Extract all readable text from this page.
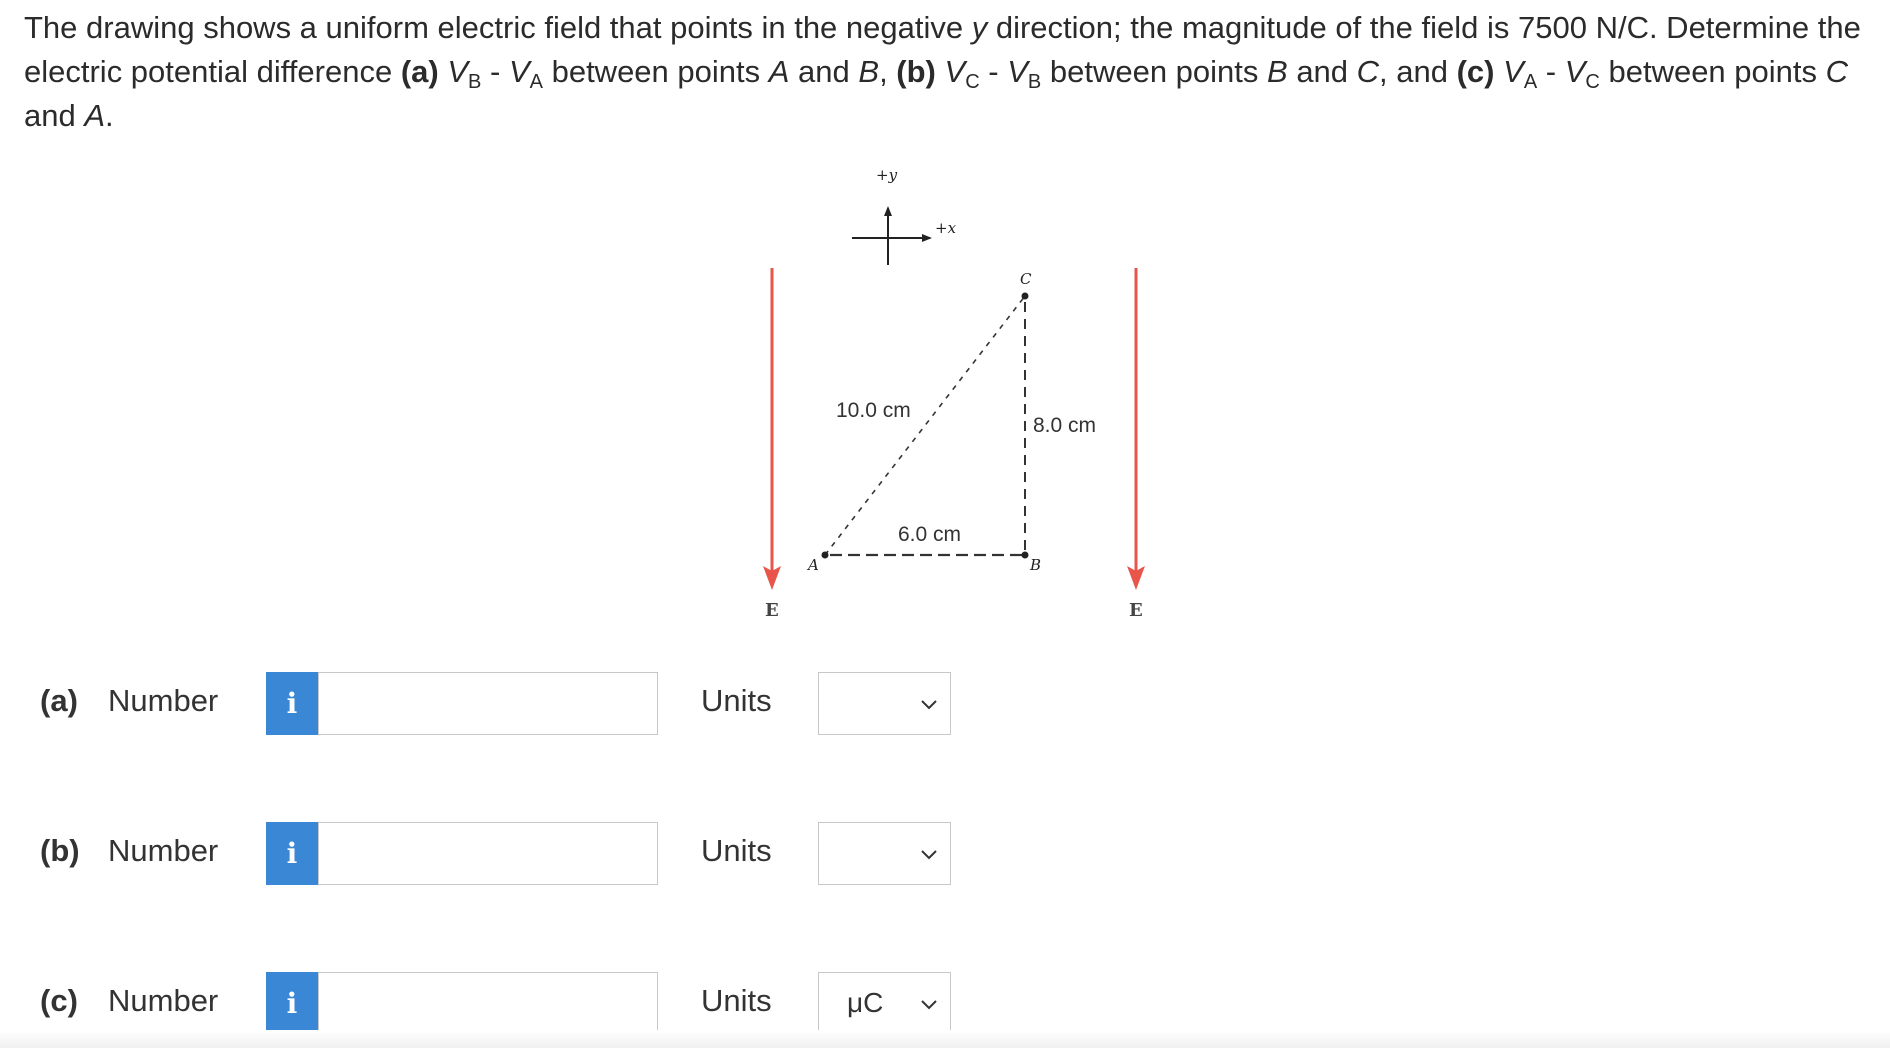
The drawing shows a uniform electric field that points in the negative y direction; the magnitude of the field is 7500 N/C. Determine the electric potential difference (a) $V_B - V_A$ between points A and B, (b) $V_C - V_B$ between points B and C, and (c) $V_A - V_C$ between points C and A.
+y
+x
E	E
A	B
C
10.0 cm
8.0 cm
6.0 cm
(a) Number	i	Units
(b) Number	i	Units
(c) Number	i	Units	μC
